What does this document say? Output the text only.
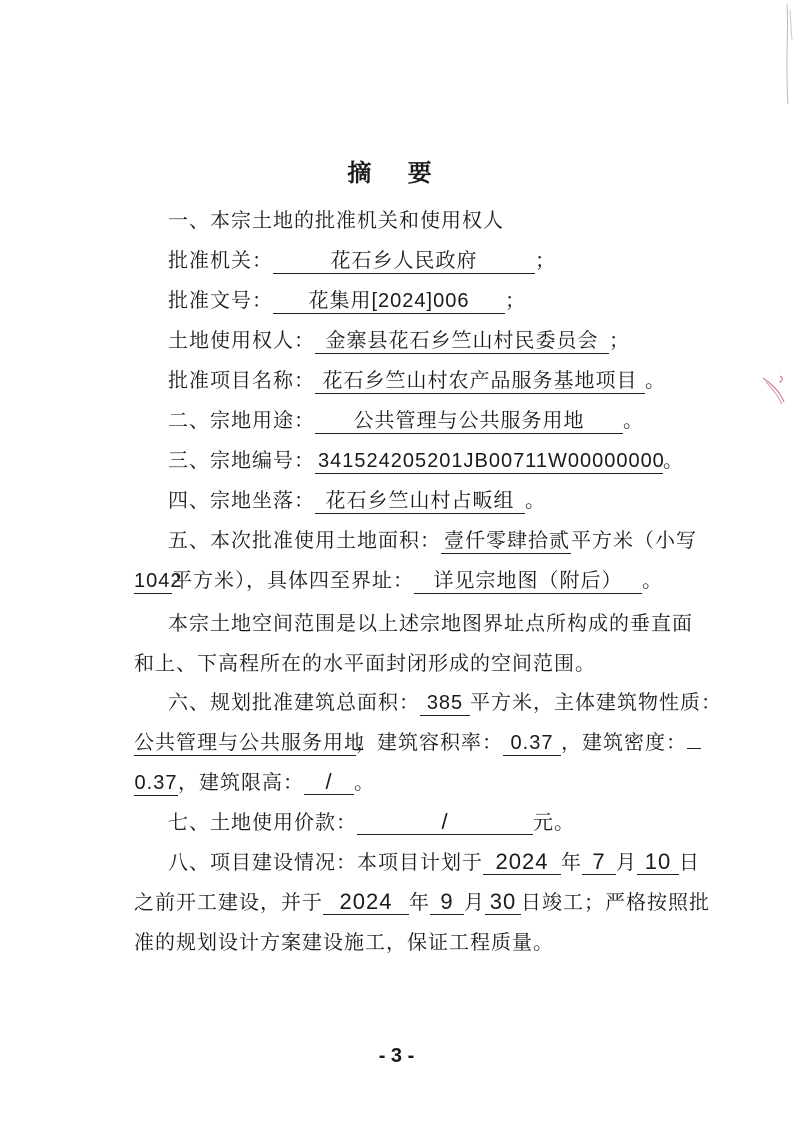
摘 要
一、本宗土地的批准机关和使用权人
批准机关：	花石乡人民政府	；
批准文号： 花集用[2024]006 ；
土地使用权人： 金寨县花石乡竺山村民委员会 ；
批准项目名称： 花石乡竺山村农产品服务基地项目 。
二、宗地用途： 公共管理与公共服务用地 。
三、宗地编号： 341524205201JB00711W00000000。
四、宗地坐落： 花石乡竺山村占畈组 。
五、本次批准使用土地面积： 壹仟零肆拾贰平方米（小写
1042平方米），具体四至界址： 详见宗地图（附后） 。
本宗土地空间范围是以上述宗地图界址点所构成的垂直面
和上、下高程所在的水平面封闭形成的空间范围。
六、规划批准建筑总面积： 385 平方米，主体建筑物性质：
公共管理与公共服务用地，建筑容积率： 0.37 ，建筑密度：
0.37，建筑限高： / 。
七、土地使用价款：	/	元。
八、项目建设情况：本项目计划于 2024 年 7 月 10 日
之前开工建设，并于 2024 年 9 月 30 日竣工；严格按照批
准的规划设计方案建设施工，保证工程质量。
- 3 -
